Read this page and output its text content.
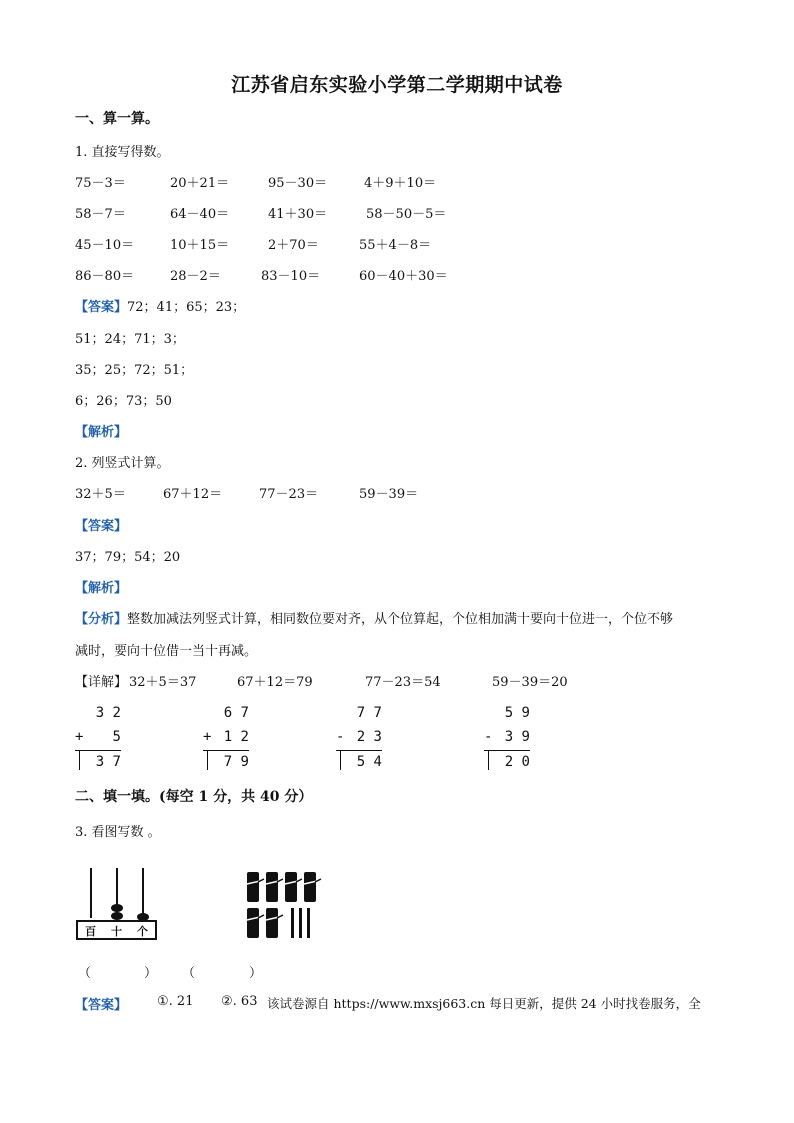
江苏省启东实验小学第二学期期中试卷
一、算一算。
1. 直接写得数。
75－3＝	20＋21＝	95－30＝	4＋9＋10＝
58－7＝	64－40＝	41＋30＝	58－50－5＝
45－10＝	10＋15＝	2＋70＝	55＋4－8＝
86－80＝	28－2＝	83－10＝	60－40＋30＝
【答案】72；41；65；23；
51；24；71；3；
35；25；72；51；
6；26；73；50
【解析】
2. 列竖式计算。
32＋5＝	67＋12＝	77－23＝	59－39＝
【答案】
37；79；54；20
【解析】
【分析】整数加减法列竖式计算，相同数位要对齐，从个位算起，个位相加满十要向十位进一，个位不够
减时，要向十位借一当十再减。
【详解】 32＋5＝37	67＋12＝79	77－23＝54	59－39＝20
3 2
+ 5
3 7
6 7
+ 1 2
7 9
7 7
- 2 3
5 4
5 9
- 3 9
2 0
二、填一填。(每空 1 分，共 40 分）
3. 看图写数 。
百 十 个
（	） （	）
【答案】 ①. 21 ②. 63 该试卷源自 https://www.mxsj663.cn 每日更新，提供 24 小时找卷服务，全
